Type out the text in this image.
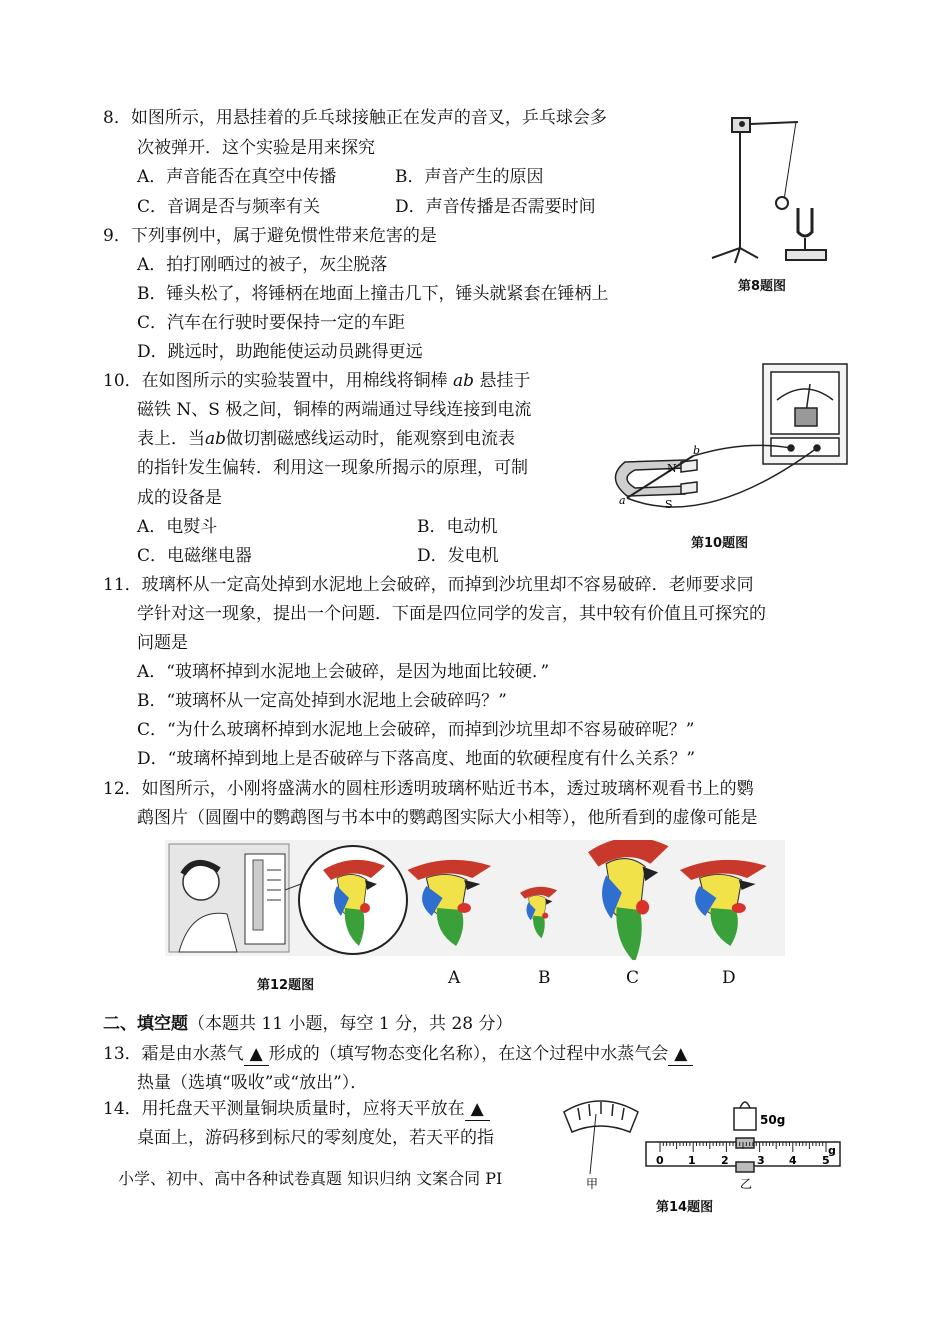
8．如图所示，用悬挂着的乒乓球接触正在发声的音叉，乒乓球会多
次被弹开．这个实验是用来探究
A．声音能否在真空中传播	B．声音产生的原因
C．音调是否与频率有关	D．声音传播是否需要时间
第8题图
9．下列事例中，属于避免惯性带来危害的是
A．拍打刚晒过的被子，灰尘脱落
B．锤头松了，将锤柄在地面上撞击几下，锤头就紧套在锤柄上
C．汽车在行驶时要保持一定的车距
D．跳远时，助跑能使运动员跳得更远
10．在如图所示的实验装置中，用棉线将铜棒 ab 悬挂于
磁铁 N、S 极之间，铜棒的两端通过导线连接到电流
表上．当ab做切割磁感线运动时，能观察到电流表
的指针发生偏转．利用这一现象所揭示的原理，可制
成的设备是
A．电熨斗	B．电动机
C．电磁继电器	D．发电机
N
S
a
b
第10题图
11．玻璃杯从一定高处掉到水泥地上会破碎，而掉到沙坑里却不容易破碎．老师要求同
学针对这一现象，提出一个问题．下面是四位同学的发言，其中较有价值且可探究的
问题是
A．“玻璃杯掉到水泥地上会破碎，是因为地面比较硬．”
B．“玻璃杯从一定高处掉到水泥地上会破碎吗？”
C．“为什么玻璃杯掉到水泥地上会破碎，而掉到沙坑里却不容易破碎呢？”
D．“玻璃杯掉到地上是否破碎与下落高度、地面的软硬程度有什么关系？”
12．如图所示，小刚将盛满水的圆柱形透明玻璃杯贴近书本，透过玻璃杯观看书上的鹦
鹉图片（圆圈中的鹦鹉图与书本中的鹦鹉图实际大小相等），他所看到的虚像可能是
第12题图	A	B	C	D
二、填空题（本题共 11 小题，每空 1 分，共 28 分）
13．霜是由水蒸气 ▲ 形成的（填写物态变化名称），在这个过程中水蒸气会 ▲
热量（选填“吸收”或“放出”）．
14．用托盘天平测量铜块质量时，应将天平放在 ▲
桌面上，游码移到标尺的零刻度处，若天平的指
小学、初中、高中各种试卷真题 知识归纳 文案合同 PI
50g
g
甲	乙
0 1 2	3 4 5
第14题图
